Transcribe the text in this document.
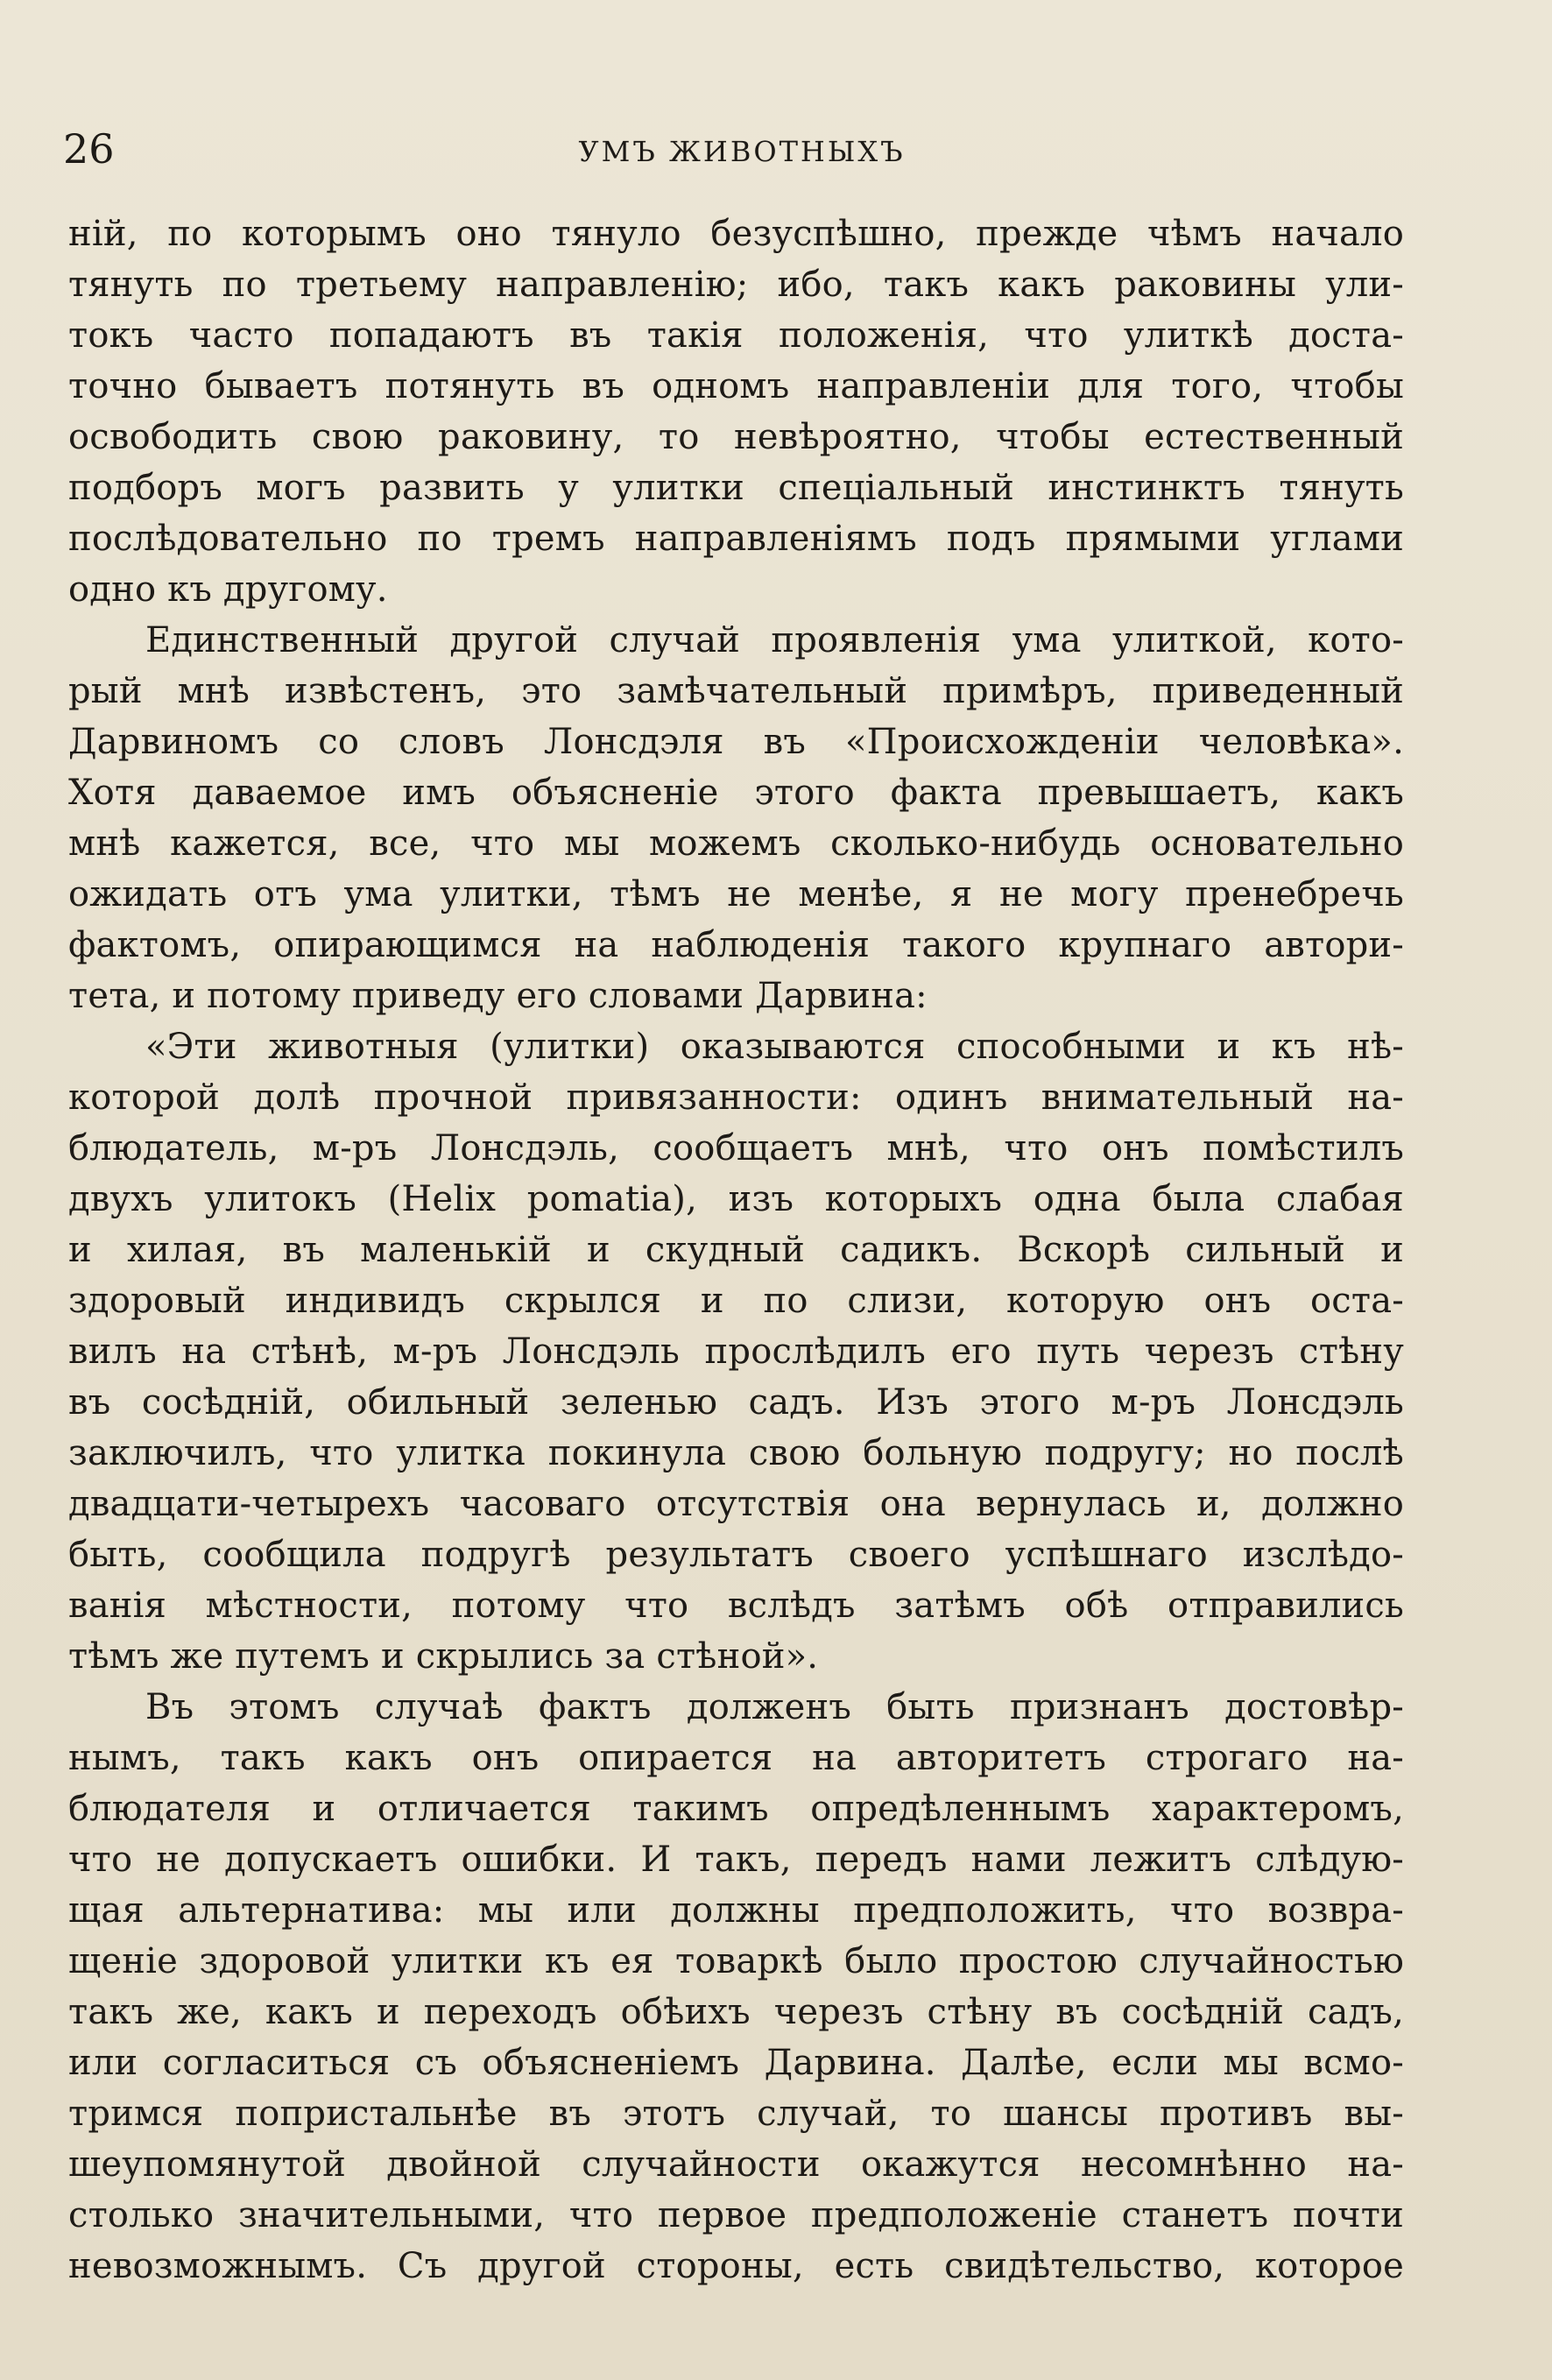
26	УМЪ ЖИВОТНЫХЪ
ній, по которымъ оно тянуло безуспѣшно, прежде чѣмъ начало
тянуть по третьему направленію; ибо, такъ какъ раковины ули-
токъ часто попадаютъ въ такія положенія, что улиткѣ доста-
точно бываетъ потянуть въ одномъ направленіи для того, чтобы
освободить свою раковину, то невѣроятно, чтобы естественный
подборъ могъ развить у улитки спеціальный инстинктъ тянуть
послѣдовательно по тремъ направленіямъ подъ прямыми углами
одно къ другому.
Единственный другой случай проявленія ума улиткой, кото-
рый мнѣ извѣстенъ, это замѣчательный примѣръ, приведенный
Дарвиномъ со словъ Лонсдэля въ «Происхожденіи человѣка».
Хотя даваемое имъ объясненіе этого факта превышаетъ, какъ
мнѣ кажется, все, что мы можемъ сколько-нибудь основательно
ожидать отъ ума улитки, тѣмъ не менѣе, я не могу пренебречь
фактомъ, опирающимся на наблюденія такого крупнаго автори-
тета, и потому приведу его словами Дарвина:
«Эти животныя (улитки) оказываются способными и къ нѣ-
которой долѣ прочной привязанности: одинъ внимательный на-
блюдатель, м-ръ Лонсдэль, сообщаетъ мнѣ, что онъ помѣстилъ
двухъ улитокъ (Helix pomatia), изъ которыхъ одна была слабая
и хилая, въ маленькій и скудный садикъ. Вскорѣ сильный и
здоровый индивидъ скрылся и по слизи, которую онъ оста-
вилъ на стѣнѣ, м-ръ Лонсдэль прослѣдилъ его путь черезъ стѣну
въ сосѣдній, обильный зеленью садъ. Изъ этого м-ръ Лонсдэль
заключилъ, что улитка покинула свою больную подругу; но послѣ
двадцати-четырехъ часоваго отсутствія она вернулась и, должно
быть, сообщила подругѣ результатъ своего успѣшнаго изслѣдо-
ванія мѣстности, потому что вслѣдъ затѣмъ обѣ отправились
тѣмъ же путемъ и скрылись за стѣной».
Въ этомъ случаѣ фактъ долженъ быть признанъ достовѣр-
нымъ, такъ какъ онъ опирается на авторитетъ строгаго на-
блюдателя и отличается такимъ опредѣленнымъ характеромъ,
что не допускаетъ ошибки. И такъ, передъ нами лежитъ слѣдую-
щая альтернатива: мы или должны предположить, что возвра-
щеніе здоровой улитки къ ея товаркѣ было простою случайностью
такъ же, какъ и переходъ обѣихъ черезъ стѣну въ сосѣдній садъ,
или согласиться съ объясненіемъ Дарвина. Далѣе, если мы всмо-
тримся попристальнѣе въ этотъ случай, то шансы противъ вы-
шеупомянутой двойной случайности окажутся несомнѣнно на-
столько значительными, что первое предположеніе станетъ почти
невозможнымъ. Съ другой стороны, есть свидѣтельство, которое
